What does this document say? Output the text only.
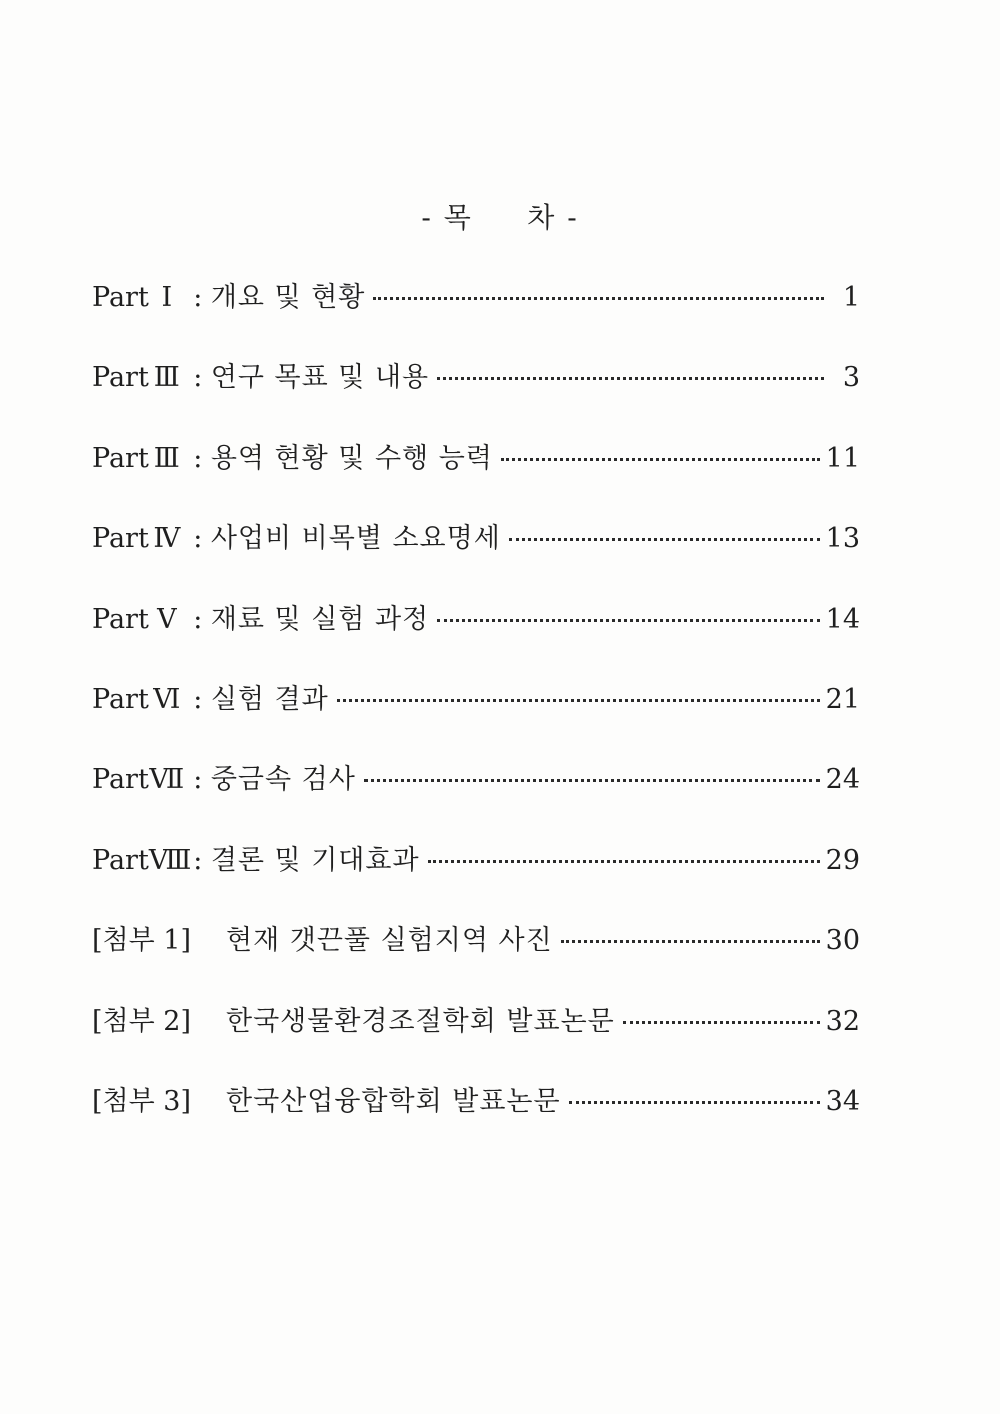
- 목     차 -
Part Ⅰ : 개요 및 현황	1
Part Ⅲ : 연구 목표 및 내용	3
Part Ⅲ : 용역 현황 및 수행 능력	11
Part Ⅳ : 사업비 비목별 소요명세	13
Part Ⅴ : 재료 및 실험 과정	14
Part Ⅵ : 실험 결과	21
PartⅦ : 중금속 검사	24
PartⅧ: 결론 및 기대효과	29
[첨부 1]	현재 갯끈풀 실험지역 사진	30
[첨부 2]	한국생물환경조절학회 발표논문	32
[첨부 3]	한국산업융합학회 발표논문	34
